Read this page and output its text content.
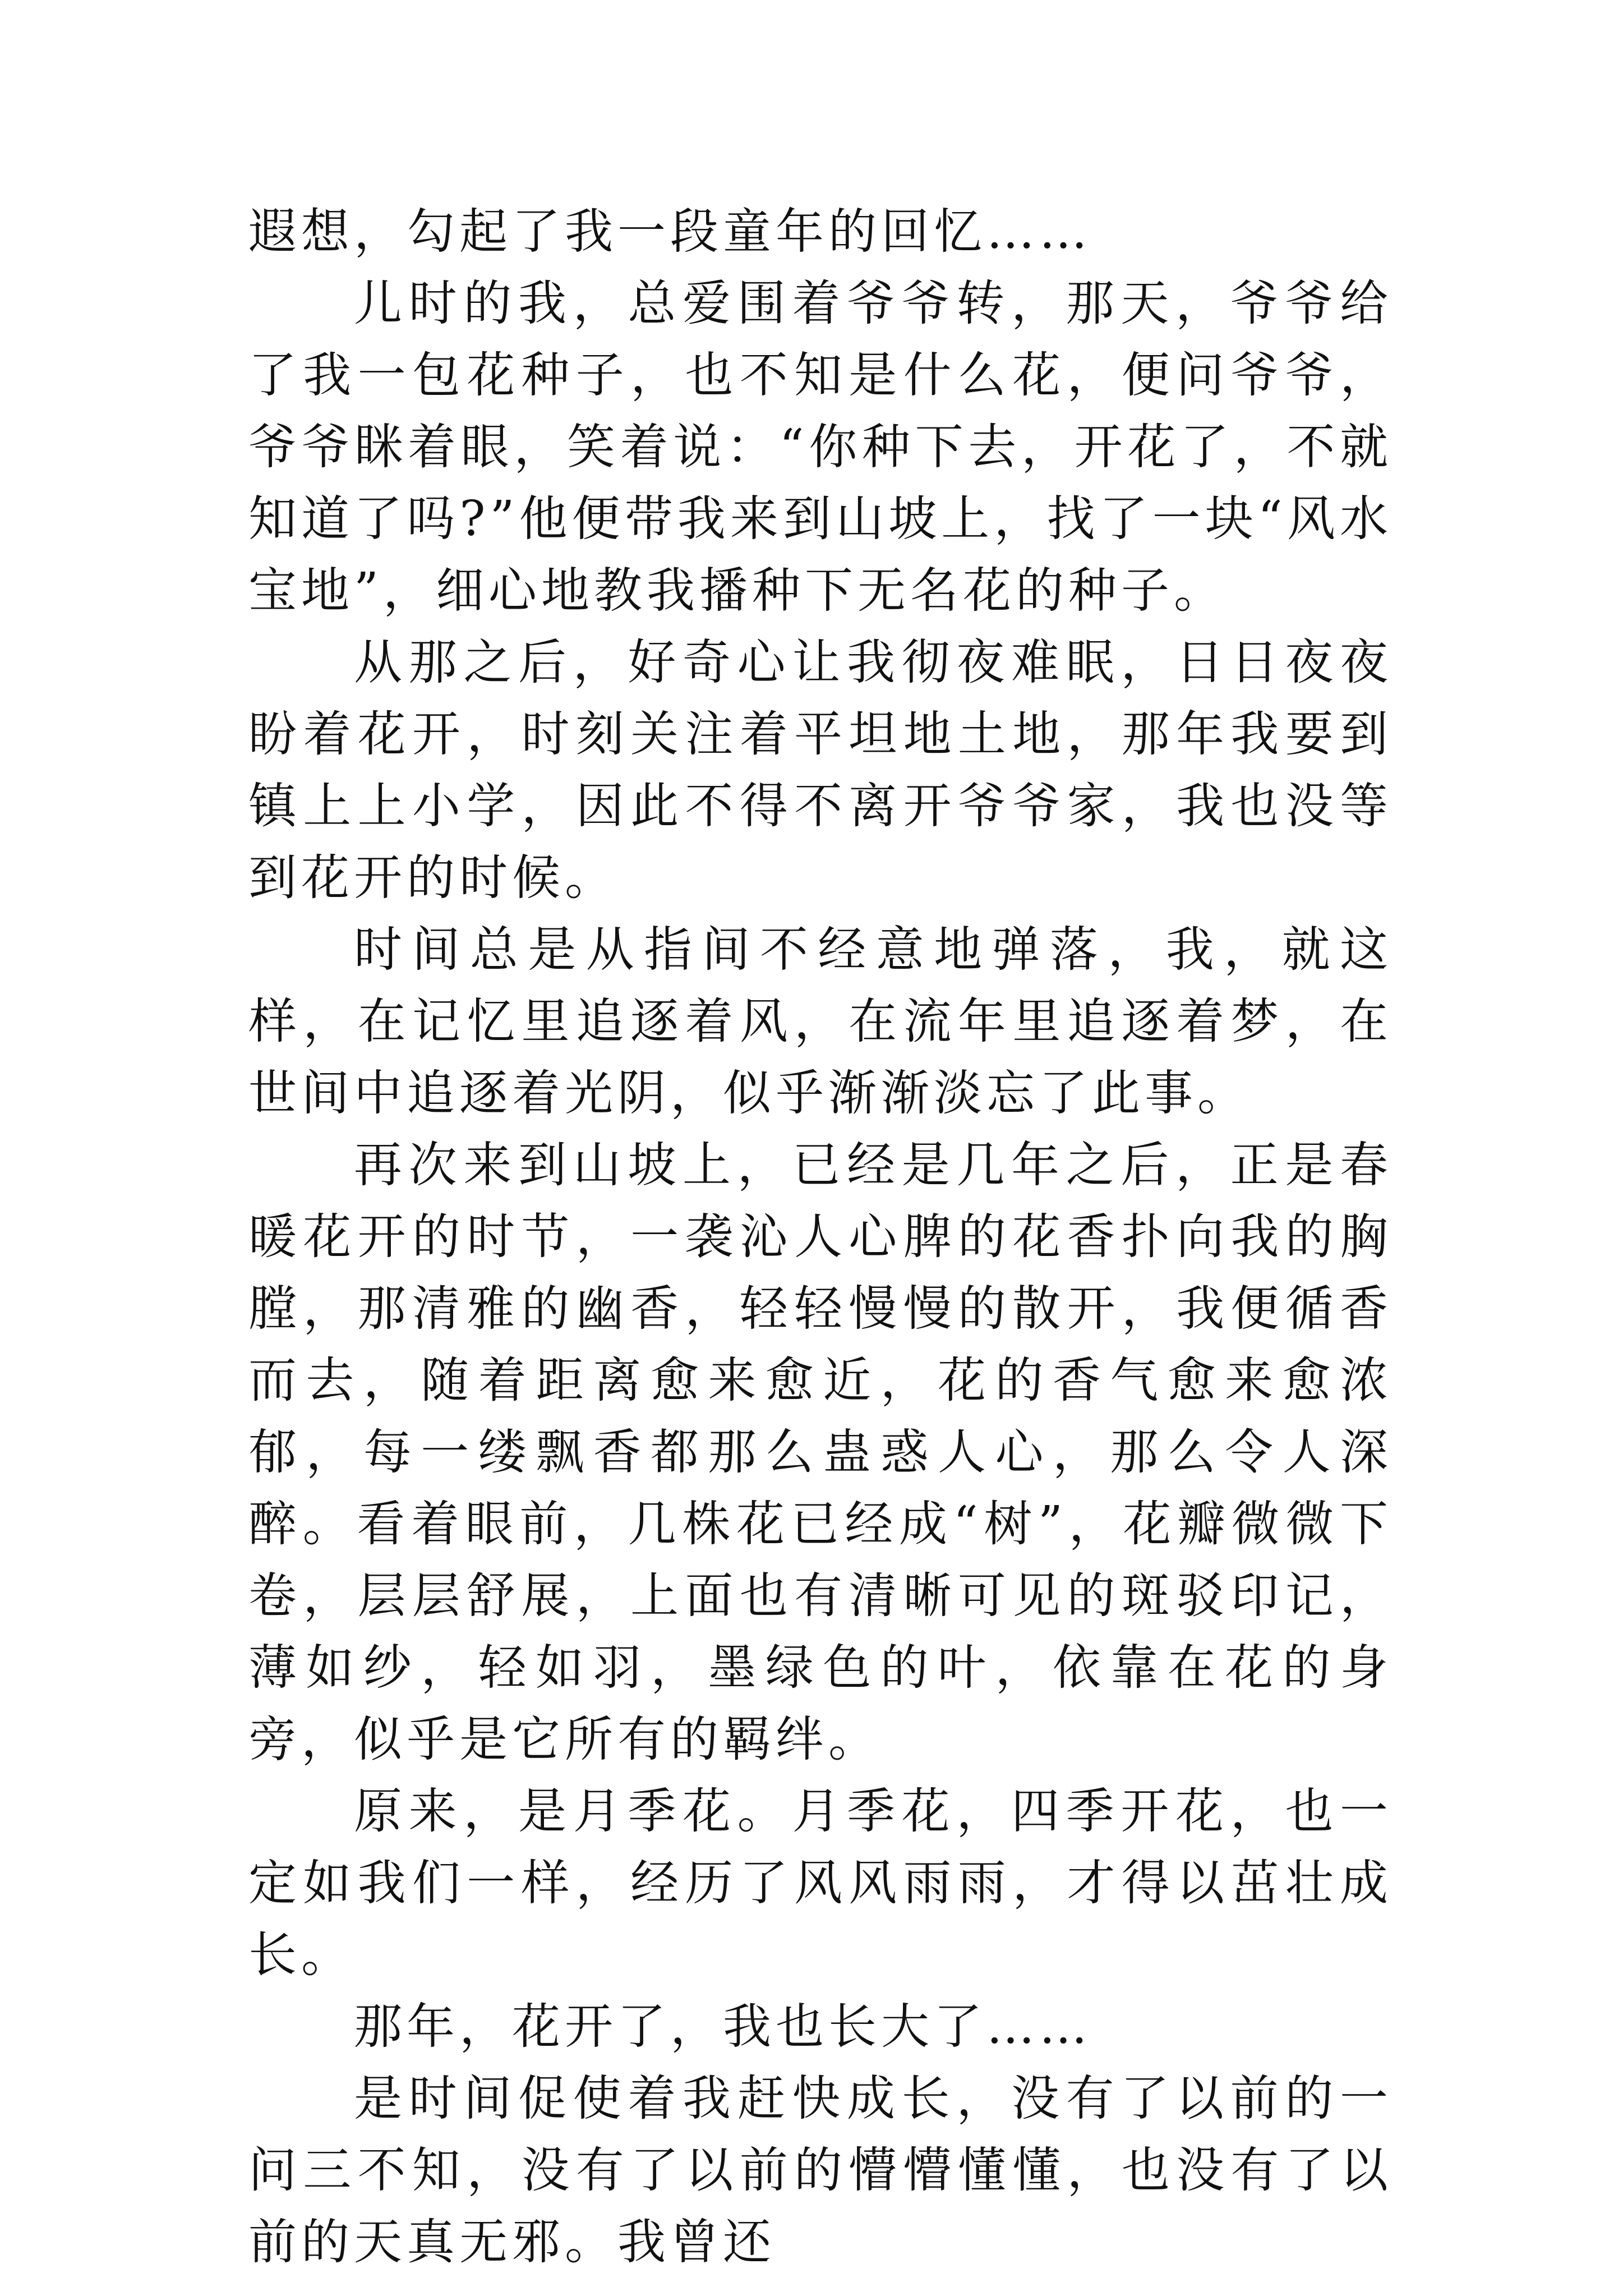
遐想，勾起了我一段童年的回忆……

儿时的我，总爱围着爷爷转，那天，爷爷给了我一包花种子，也不知是什么花，便问爷爷，爷爷眯着眼，笑着说：“你种下去，开花了，不就知道了吗?”他便带我来到山坡上，找了一块“风水宝地”，细心地教我播种下无名花的种子。

从那之后，好奇心让我彻夜难眠，日日夜夜盼着花开，时刻关注着平坦地土地，那年我要到镇上上小学，因此不得不离开爷爷家，我也没等到花开的时候。

时间总是从指间不经意地弹落，我，就这样，在记忆里追逐着风，在流年里追逐着梦，在世间中追逐着光阴，似乎渐渐淡忘了此事。

再次来到山坡上，已经是几年之后，正是春暖花开的时节，一袭沁人心脾的花香扑向我的胸膛，那清雅的幽香，轻轻慢慢的散开，我便循香而去，随着距离愈来愈近，花的香气愈来愈浓郁，每一缕飘香都那么蛊惑人心，那么令人深醉。看着眼前，几株花已经成“树”，花瓣微微下卷，层层舒展，上面也有清晰可见的斑驳印记，薄如纱，轻如羽，墨绿色的叶，依靠在花的身旁，似乎是它所有的羁绊。

原来，是月季花。月季花，四季开花，也一定如我们一样，经历了风风雨雨，才得以茁壮成长。

那年，花开了，我也长大了……

是时间促使着我赶快成长，没有了以前的一问三不知，没有了以前的懵懵懂懂，也没有了以前的天真无邪。我曾还
